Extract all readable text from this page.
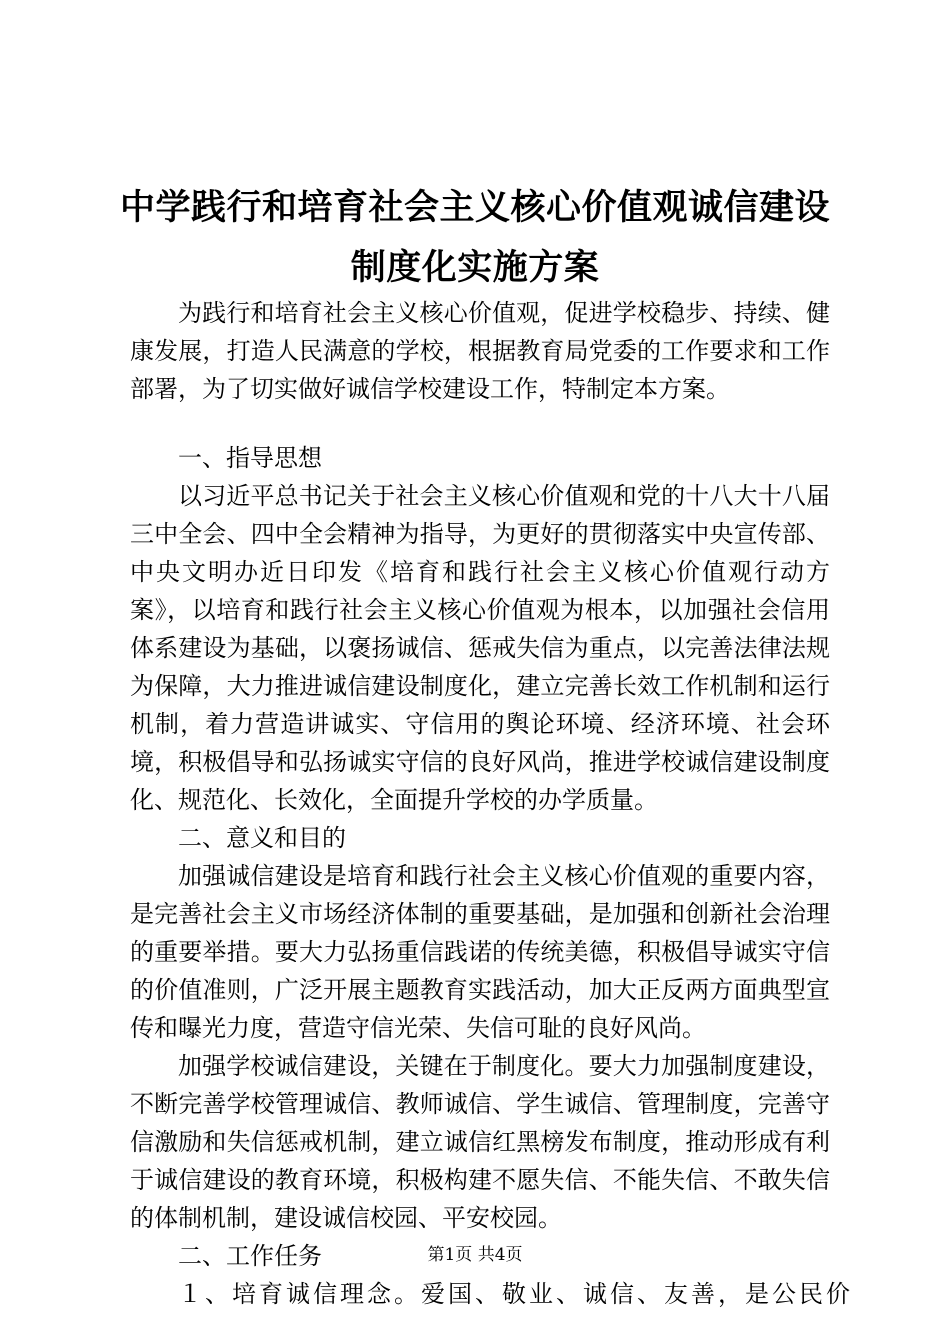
中学践行和培育社会主义核心价值观诚信建设
制度化实施方案

为践行和培育社会主义核心价值观，促进学校稳步、持续、健康发展，打造人民满意的学校，根据教育局党委的工作要求和工作部署，为了切实做好诚信学校建设工作，特制定本方案。

一、指导思想

以习近平总书记关于社会主义核心价值观和党的十八大十八届三中全会、四中全会精神为指导，为更好的贯彻落实中央宣传部、中央文明办近日印发《培育和践行社会主义核心价值观行动方案》，以培育和践行社会主义核心价值观为根本，以加强社会信用体系建设为基础，以褒扬诚信、惩戒失信为重点，以完善法律法规为保障，大力推进诚信建设制度化，建立完善长效工作机制和运行机制，着力营造讲诚实、守信用的舆论环境、经济环境、社会环境，积极倡导和弘扬诚实守信的良好风尚，推进学校诚信建设制度化、规范化、长效化，全面提升学校的办学质量。

二、意义和目的

加强诚信建设是培育和践行社会主义核心价值观的重要内容，是完善社会主义市场经济体制的重要基础，是加强和创新社会治理的重要举措。要大力弘扬重信践诺的传统美德，积极倡导诚实守信的价值准则，广泛开展主题教育实践活动，加大正反两方面典型宣传和曝光力度，营造守信光荣、失信可耻的良好风尚。

加强学校诚信建设，关键在于制度化。要大力加强制度建设，不断完善学校管理诚信、教师诚信、学生诚信、管理制度，完善守信激励和失信惩戒机制，建立诚信红黑榜发布制度，推动形成有利于诚信建设的教育环境，积极构建不愿失信、不能失信、不敢失信的体制机制，建设诚信校园、平安校园。

二、工作任务

１、培育诚信理念。爱国、敬业、诚信、友善，是公民价

第1页 共4页
